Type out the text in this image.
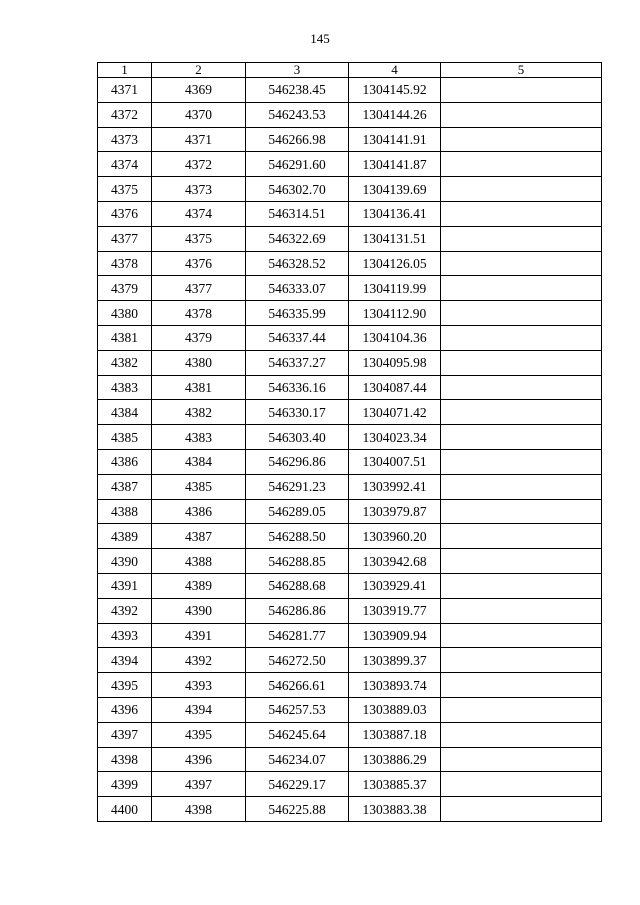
145
1	2	3	4	5
4371	4369	546238.45	1304145.92	
4372	4370	546243.53	1304144.26	
4373	4371	546266.98	1304141.91	
4374	4372	546291.60	1304141.87	
4375	4373	546302.70	1304139.69	
4376	4374	546314.51	1304136.41	
4377	4375	546322.69	1304131.51	
4378	4376	546328.52	1304126.05	
4379	4377	546333.07	1304119.99	
4380	4378	546335.99	1304112.90	
4381	4379	546337.44	1304104.36	
4382	4380	546337.27	1304095.98	
4383	4381	546336.16	1304087.44	
4384	4382	546330.17	1304071.42	
4385	4383	546303.40	1304023.34	
4386	4384	546296.86	1304007.51	
4387	4385	546291.23	1303992.41	
4388	4386	546289.05	1303979.87	
4389	4387	546288.50	1303960.20	
4390	4388	546288.85	1303942.68	
4391	4389	546288.68	1303929.41	
4392	4390	546286.86	1303919.77	
4393	4391	546281.77	1303909.94	
4394	4392	546272.50	1303899.37	
4395	4393	546266.61	1303893.74	
4396	4394	546257.53	1303889.03	
4397	4395	546245.64	1303887.18	
4398	4396	546234.07	1303886.29	
4399	4397	546229.17	1303885.37	
4400	4398	546225.88	1303883.38	
